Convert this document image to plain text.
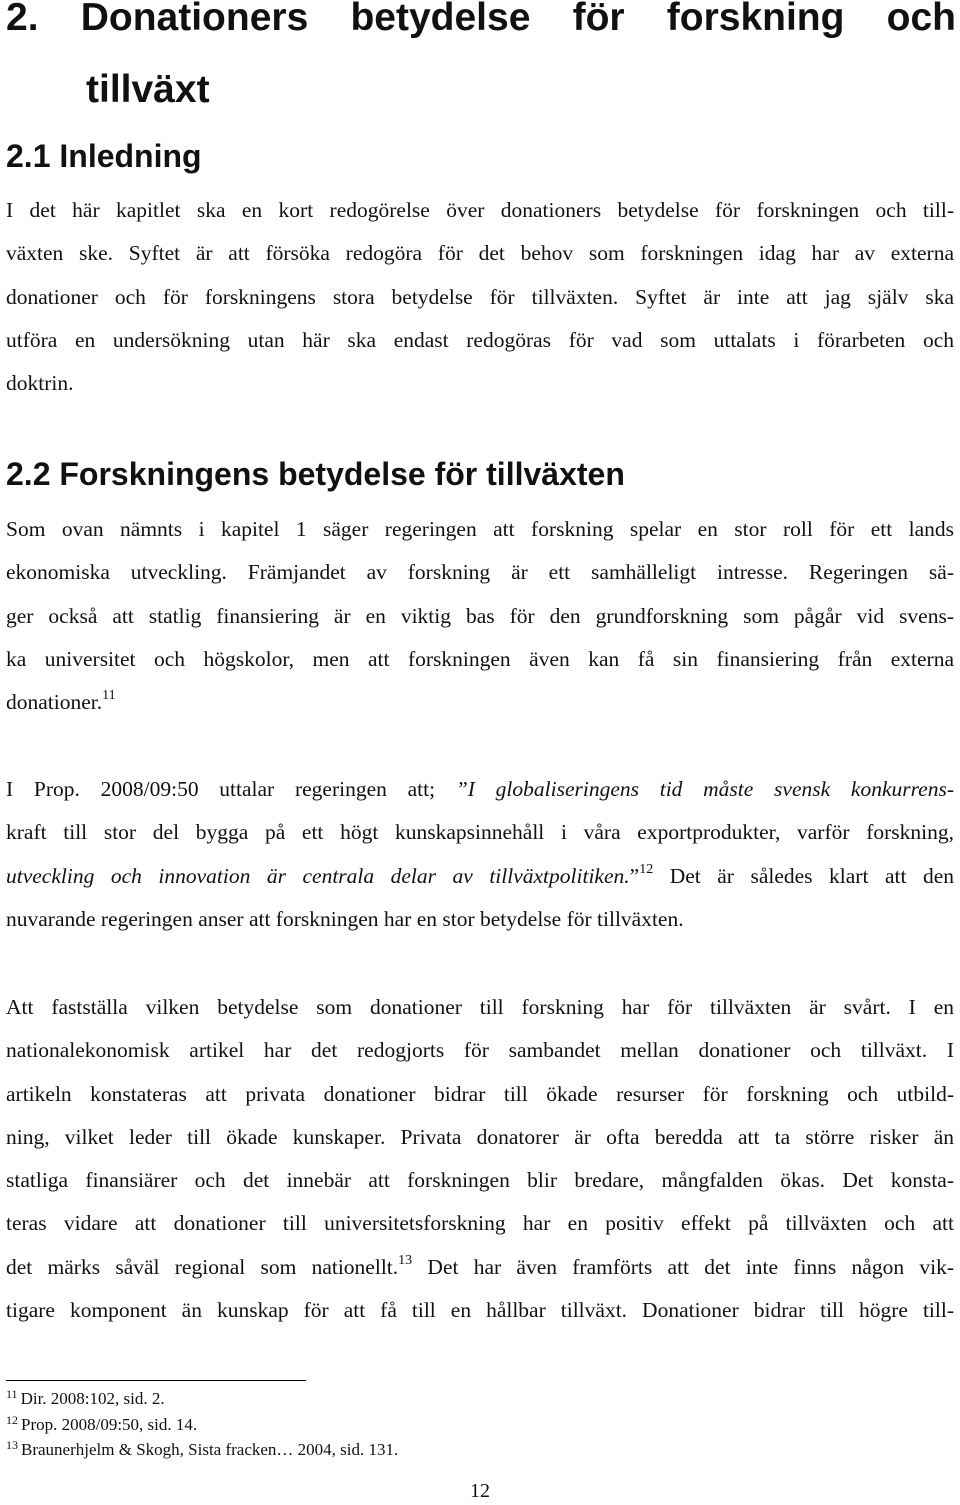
2. Donationers betydelse för forskning och
tillväxt
2.1 Inledning
I det här kapitlet ska en kort redogörelse över donationers betydelse för forskningen och till-
växten ske. Syftet är att försöka redogöra för det behov som forskningen idag har av externa
donationer och för forskningens stora betydelse för tillväxten. Syftet är inte att jag själv ska
utföra en undersökning utan här ska endast redogöras för vad som uttalats i förarbeten och
doktrin.
2.2 Forskningens betydelse för tillväxten
Som ovan nämnts i kapitel 1 säger regeringen att forskning spelar en stor roll för ett lands
ekonomiska utveckling. Främjandet av forskning är ett samhälleligt intresse. Regeringen sä-
ger också att statlig finansiering är en viktig bas för den grundforskning som pågår vid svens-
ka universitet och högskolor, men att forskningen även kan få sin finansiering från externa
donationer.$^{11}$
I Prop. 2008/09:50 uttalar regeringen att; ”I globaliseringens tid måste svensk konkurrens-
kraft till stor del bygga på ett högt kunskapsinnehåll i våra exportprodukter, varför forskning,
utveckling och innovation är centrala delar av tillväxtpolitiken.”$^{12}$ Det är således klart att den
nuvarande regeringen anser att forskningen har en stor betydelse för tillväxten.
Att fastställa vilken betydelse som donationer till forskning har för tillväxten är svårt. I en
nationalekonomisk artikel har det redogjorts för sambandet mellan donationer och tillväxt. I
artikeln konstateras att privata donationer bidrar till ökade resurser för forskning och utbild-
ning, vilket leder till ökade kunskaper. Privata donatorer är ofta beredda att ta större risker än
statliga finansiärer och det innebär att forskningen blir bredare, mångfalden ökas. Det konsta-
teras vidare att donationer till universitetsforskning har en positiv effekt på tillväxten och att
det märks såväl regional som nationellt.$^{13}$ Det har även framförts att det inte finns någon vik-
tigare komponent än kunskap för att få till en hållbar tillväxt. Donationer bidrar till högre till-
$^{11}$ Dir. 2008:102, sid. 2.
$^{12}$ Prop. 2008/09:50, sid. 14.
$^{13}$ Braunerhjelm & Skogh, Sista fracken… 2004, sid. 131.
12
